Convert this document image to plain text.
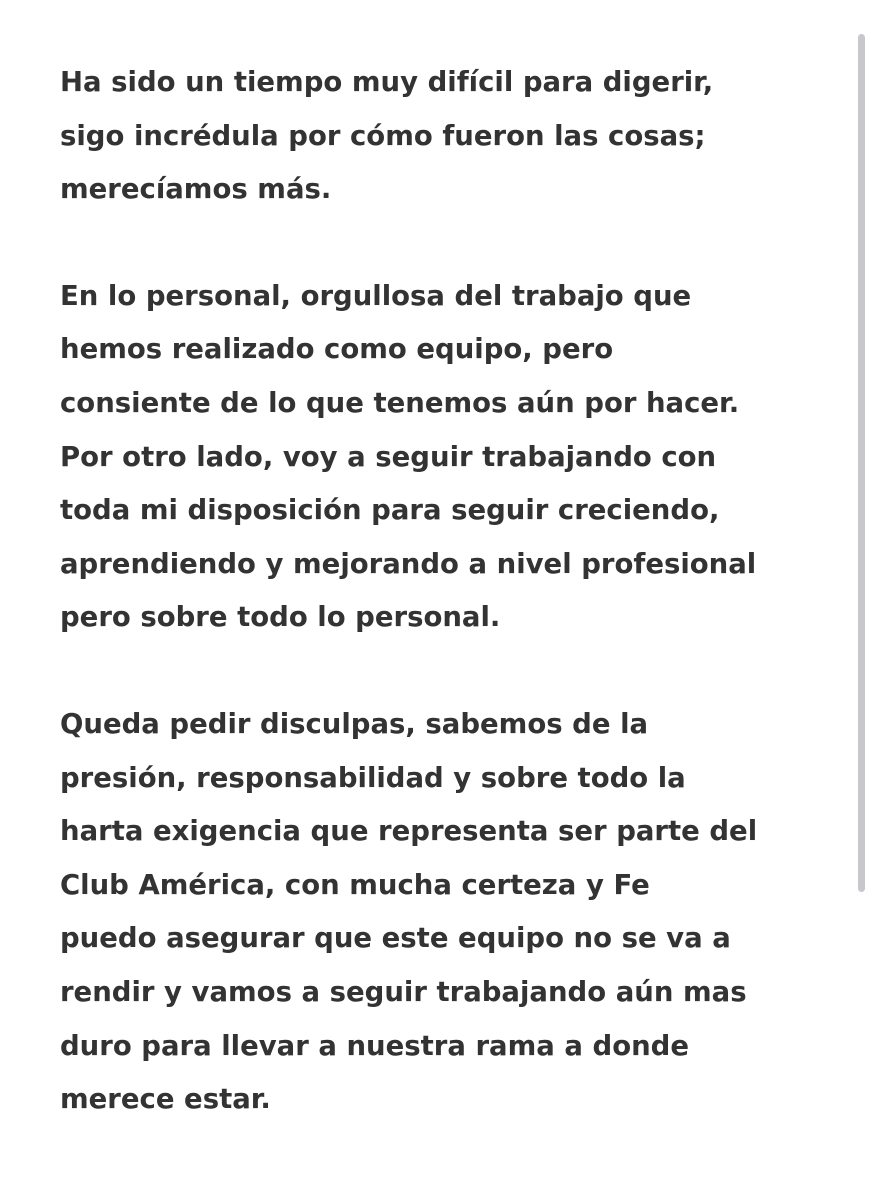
Ha sido un tiempo muy difícil para digerir,
sigo incrédula por cómo fueron las cosas;
merecíamos más.

En lo personal, orgullosa del trabajo que
hemos realizado como equipo, pero
consiente de lo que tenemos aún por hacer.
Por otro lado, voy a seguir trabajando con
toda mi disposición para seguir creciendo,
aprendiendo y mejorando a nivel profesional
pero sobre todo lo personal.

Queda pedir disculpas, sabemos de la
presión, responsabilidad y sobre todo la
harta exigencia que representa ser parte del
Club América, con mucha certeza y Fe
puedo asegurar que este equipo no se va a
rendir y vamos a seguir trabajando aún mas
duro para llevar a nuestra rama a donde
merece estar.
